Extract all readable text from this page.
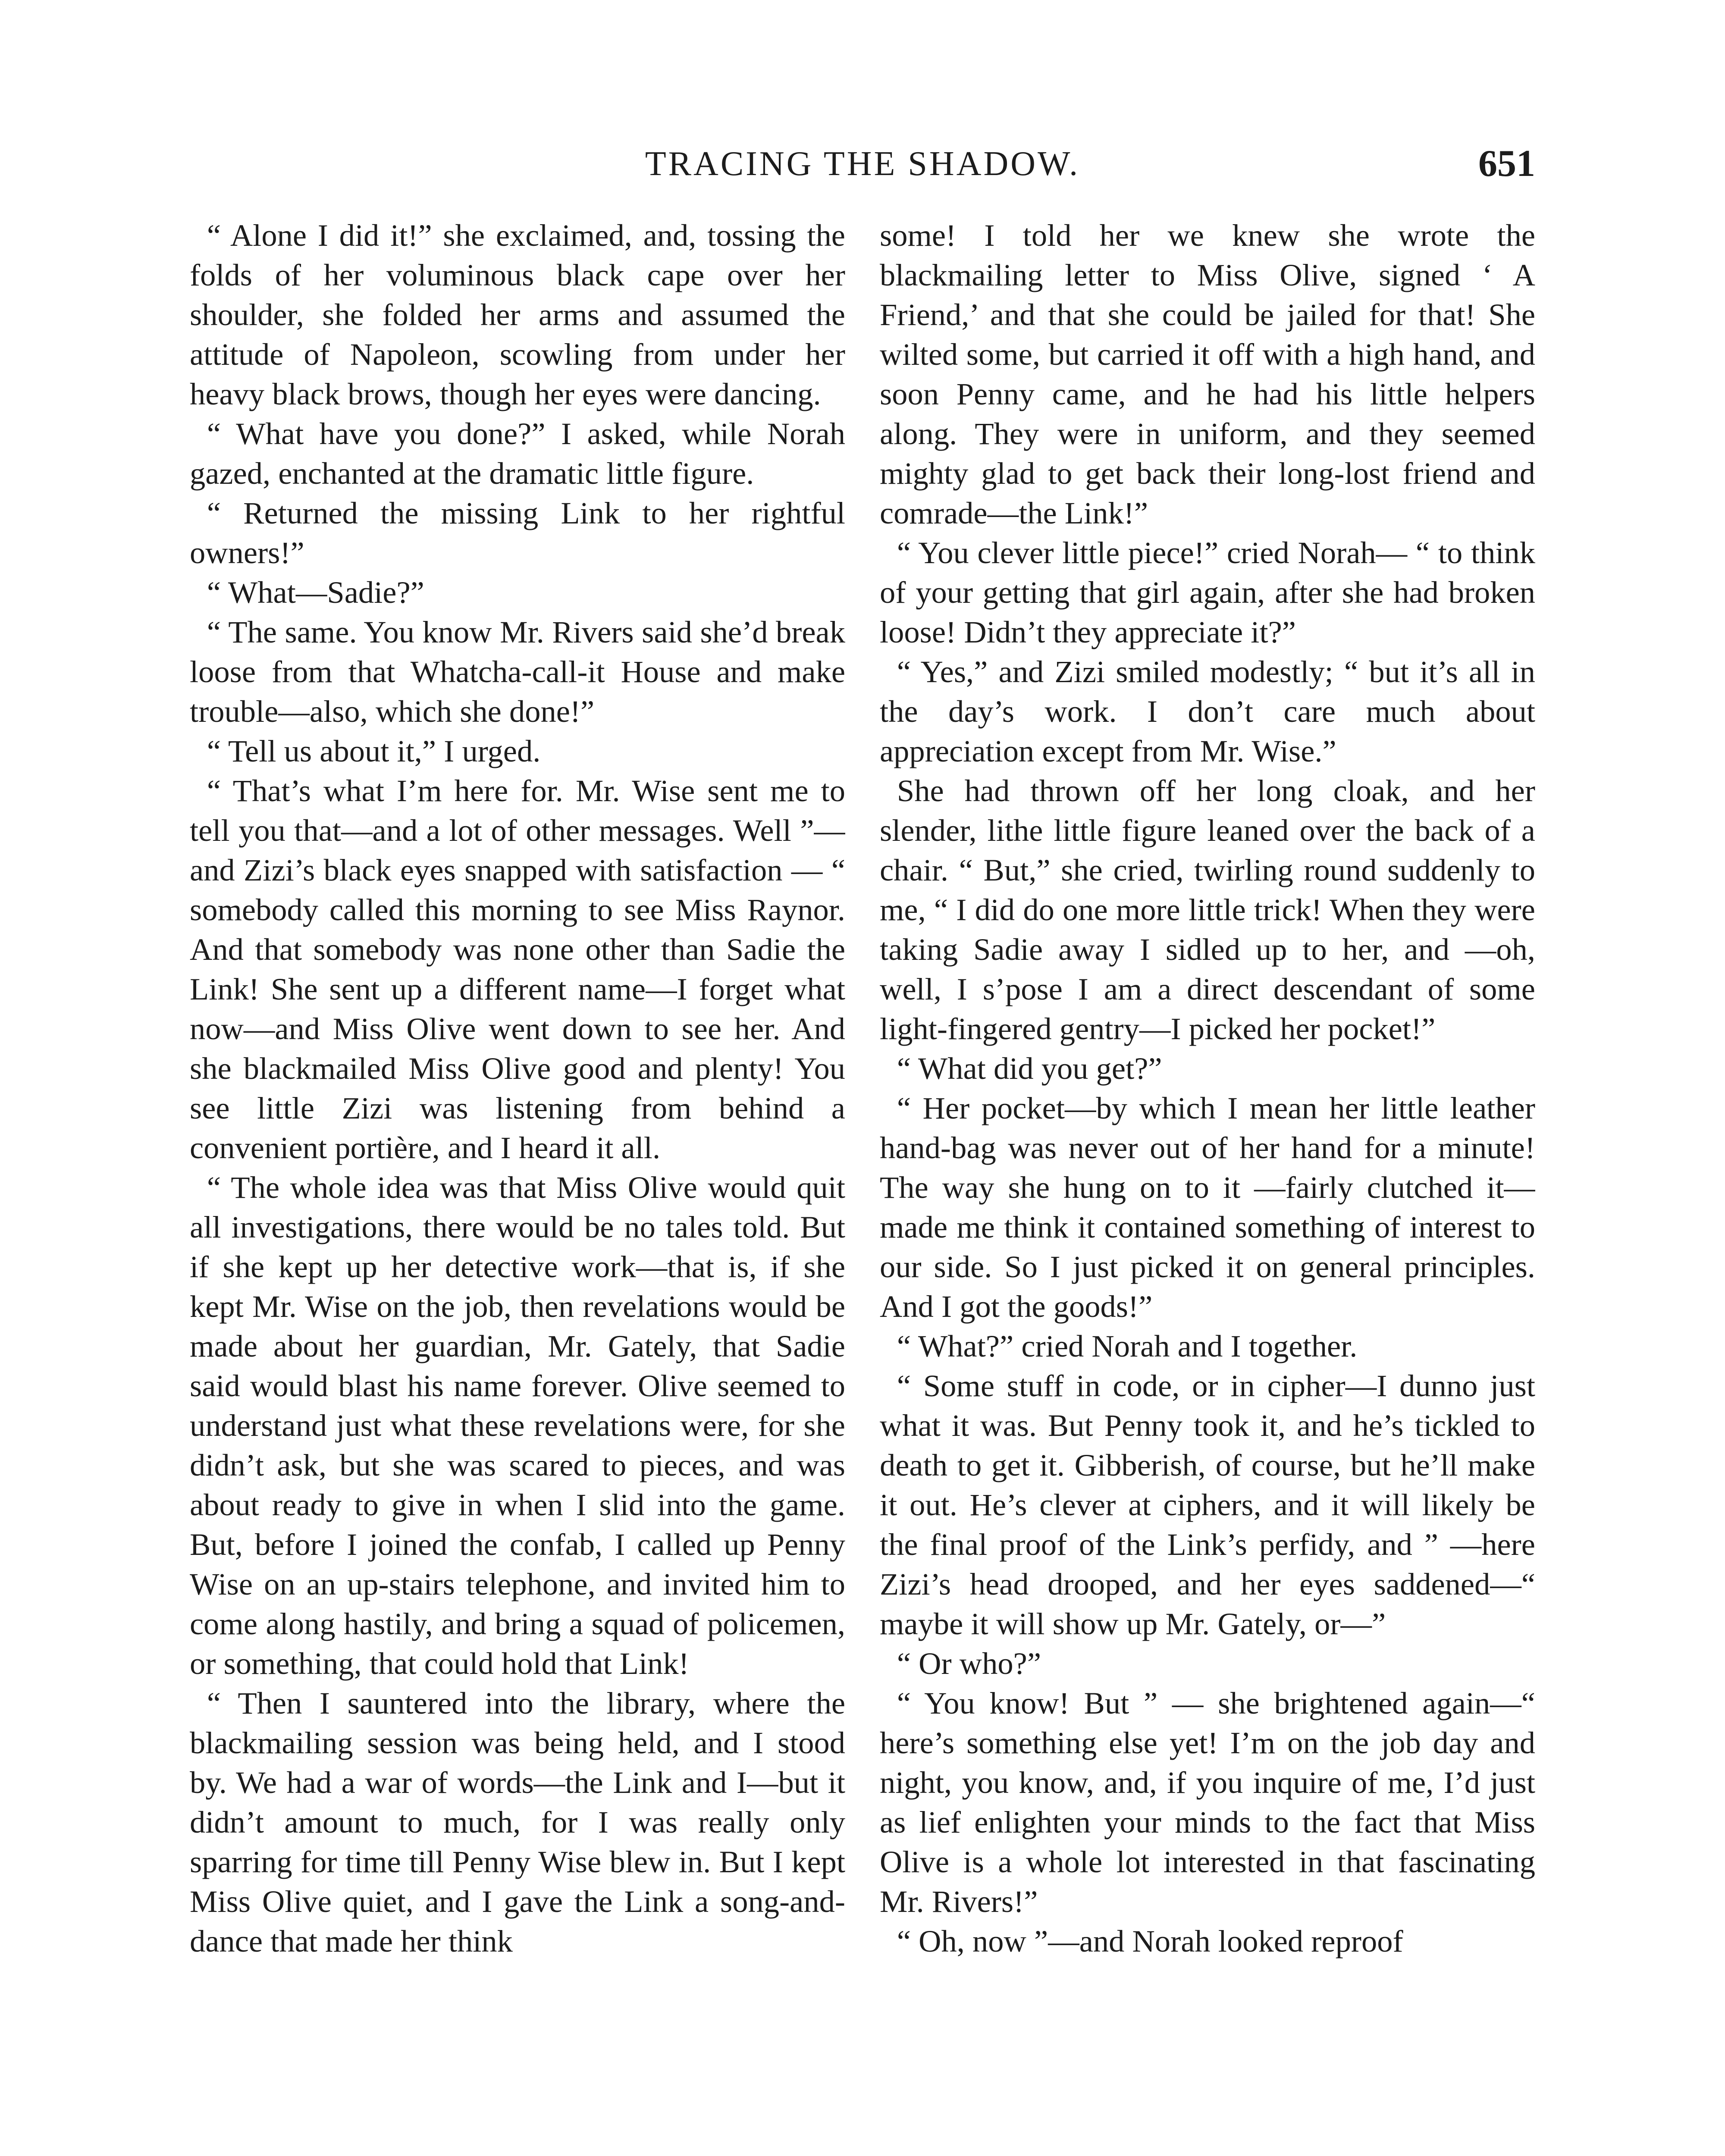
TRACING THE SHADOW.	651

“ Alone I did it!” she exclaimed, and, tossing the folds of her voluminous black cape over her shoulder, she folded her arms and assumed the attitude of Napoleon, scowling from under her heavy black brows, though her eyes were dancing.

“ What have you done?” I asked, while Norah gazed, enchanted at the dramatic little figure.

“ Returned the missing Link to her rightful owners!”

“ What—Sadie?”

“ The same. You know Mr. Rivers said she’d break loose from that Whatcha-call-it House and make trouble—also, which she done!”

“ Tell us about it,” I urged.

“ That’s what I’m here for. Mr. Wise sent me to tell you that—and a lot of other messages. Well ”—and Zizi’s black eyes snapped with satisfaction — “ somebody called this morning to see Miss Raynor. And that somebody was none other than Sadie the Link! She sent up a different name—I forget what now—and Miss Olive went down to see her. And she blackmailed Miss Olive good and plenty! You see little Zizi was listening from behind a convenient portière, and I heard it all.

“ The whole idea was that Miss Olive would quit all investigations, there would be no tales told. But if she kept up her detective work—that is, if she kept Mr. Wise on the job, then revelations would be made about her guardian, Mr. Gately, that Sadie said would blast his name forever. Olive seemed to understand just what these revelations were, for she didn’t ask, but she was scared to pieces, and was about ready to give in when I slid into the game. But, before I joined the confab, I called up Penny Wise on an up-stairs telephone, and invited him to come along hastily, and bring a squad of policemen, or something, that could hold that Link!

“ Then I sauntered into the library, where the blackmailing session was being held, and I stood by. We had a war of words—the Link and I—but it didn’t amount to much, for I was really only sparring for time till Penny Wise blew in. But I kept Miss Olive quiet, and I gave the Link a song-and-dance that made her think

some! I told her we knew she wrote the blackmailing letter to Miss Olive, signed ‘ A Friend,’ and that she could be jailed for that! She wilted some, but carried it off with a high hand, and soon Penny came, and he had his little helpers along. They were in uniform, and they seemed mighty glad to get back their long-lost friend and comrade—the Link!”

“ You clever little piece!” cried Norah— “ to think of your getting that girl again, after she had broken loose! Didn’t they appreciate it?”

“ Yes,” and Zizi smiled modestly; “ but it’s all in the day’s work. I don’t care much about appreciation except from Mr. Wise.”

She had thrown off her long cloak, and her slender, lithe little figure leaned over the back of a chair. “ But,” she cried, twirling round suddenly to me, “ I did do one more little trick! When they were taking Sadie away I sidled up to her, and —oh, well, I s’pose I am a direct descendant of some light-fingered gentry—I picked her pocket!”

“ What did you get?”

“ Her pocket—by which I mean her little leather hand-bag was never out of her hand for a minute! The way she hung on to it —fairly clutched it—made me think it contained something of interest to our side. So I just picked it on general principles. And I got the goods!”

“ What?” cried Norah and I together.

“ Some stuff in code, or in cipher—I dunno just what it was. But Penny took it, and he’s tickled to death to get it. Gibberish, of course, but he’ll make it out. He’s clever at ciphers, and it will likely be the final proof of the Link’s perfidy, and ” —here Zizi’s head drooped, and her eyes saddened—“ maybe it will show up Mr. Gately, or—”

“ Or who?”

“ You know! But ” — she brightened again—“ here’s something else yet! I’m on the job day and night, you know, and, if you inquire of me, I’d just as lief enlighten your minds to the fact that Miss Olive is a whole lot interested in that fascinating Mr. Rivers!”

“ Oh, now ”—and Norah looked reproof
